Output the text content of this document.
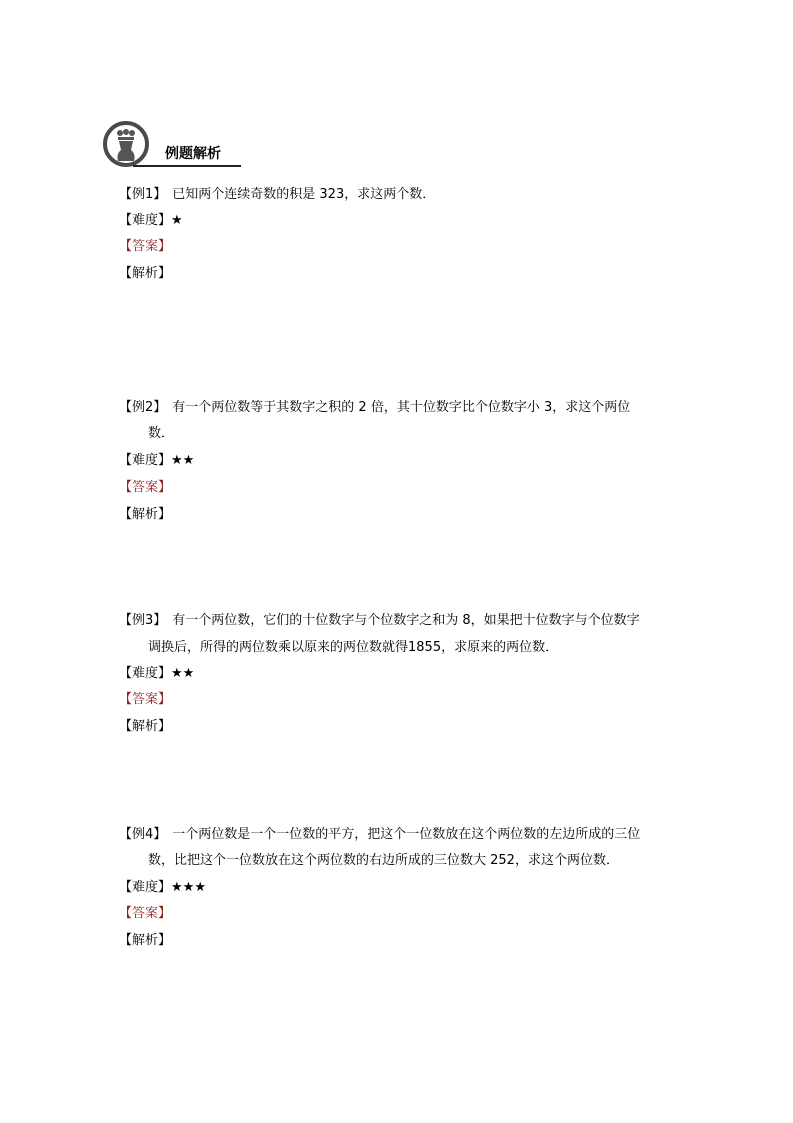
例题解析
【例1】 已知两个连续奇数的积是 323，求这两个数．
【难度】★
【答案】
【解析】
【例2】 有一个两位数等于其数字之积的 2 倍，其十位数字比个位数字小 3，求这个两位
数．
【难度】★★
【答案】
【解析】
【例3】 有一个两位数，它们的十位数字与个位数字之和为 8，如果把十位数字与个位数字
调换后，所得的两位数乘以原来的两位数就得1855，求原来的两位数．
【难度】★★
【答案】
【解析】
【例4】 一个两位数是一个一位数的平方，把这个一位数放在这个两位数的左边所成的三位
数，比把这个一位数放在这个两位数的右边所成的三位数大 252，求这个两位数．
【难度】★★★
【答案】
【解析】
